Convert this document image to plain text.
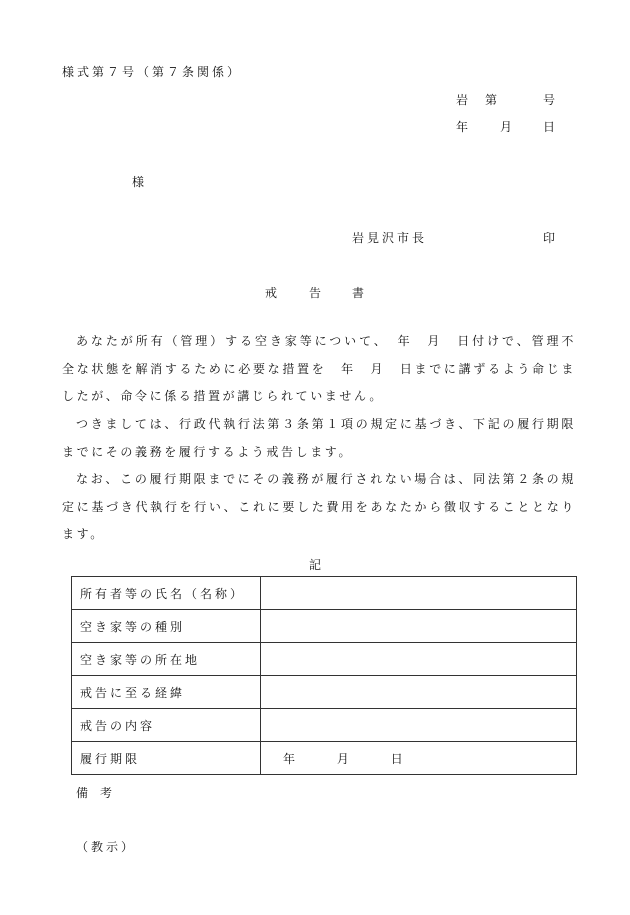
様式第７号（第７条関係）
岩 第	号
年	月	日
様
岩見沢市長	印
戒	告	書
あなたが所有（管理）する空き家等について、　年　月　日付けで、管理不全な状態を解消するために必要な措置を　年　月　日までに講ずるよう命じましたが、命令に係る措置が講じられていません。
つきましては、行政代執行法第３条第１項の規定に基づき、下記の履行期限までにその義務を履行するよう戒告します。
なお、この履行期限までにその義務が履行されない場合は、同法第２条の規定に基づき代執行を行い、これに要した費用をあなたから徴収することとなります。
記
所有者等の氏名（名称）	
空き家等の種別	
空き家等の所在地	
戒告に至る経緯	
戒告の内容	
履行期限	年 月 日
備　考
（教示）
